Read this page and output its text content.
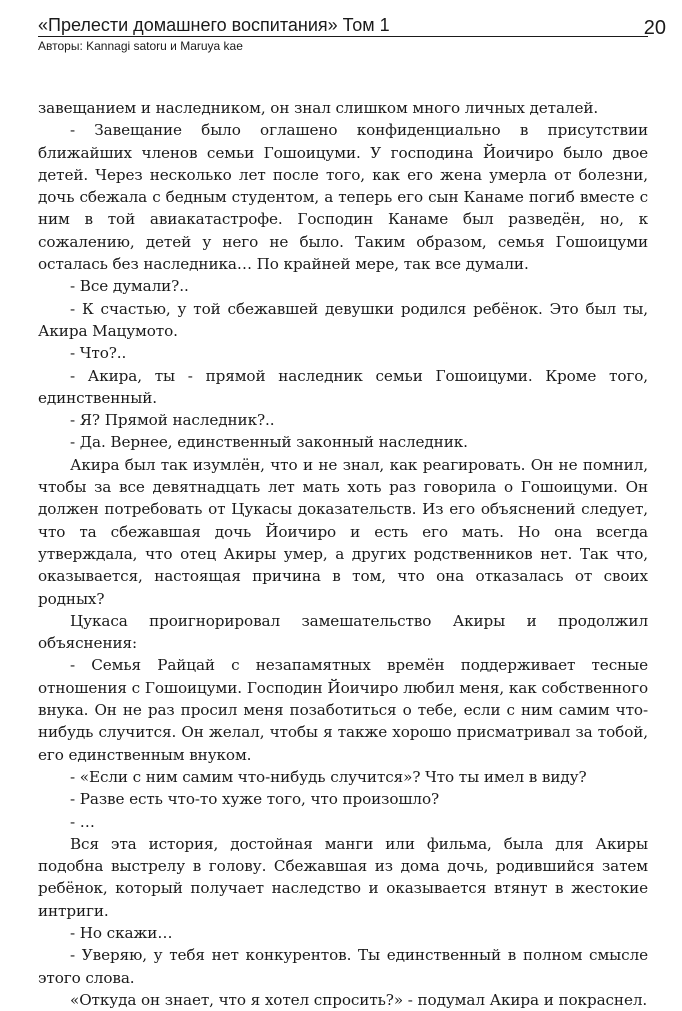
«Прелести домашнего воспитания» Том 1
Авторы: Kannagi satoru и Maruya kae
20

завещанием и наследником, он знал слишком много личных деталей.

- Завещание было оглашено конфиденциально в присутствии ближайших членов семьи Гошоицуми. У господина Йоичиро было двое детей. Через несколько лет после того, как его жена умерла от болезни, дочь сбежала с бедным студентом, а теперь его сын Канаме погиб вместе с ним в той авиакатастрофе. Господин Канаме был разведён, но, к сожалению, детей у него не было. Таким образом, семья Гошоицуми осталась без наследника… По крайней мере, так все думали.

- Все думали?..

- К счастью, у той сбежавшей девушки родился ребёнок. Это был ты, Акира Мацумото.

- Что?..

- Акира, ты - прямой наследник семьи Гошоицуми. Кроме того, единственный.

- Я? Прямой наследник?..

- Да. Вернее, единственный законный наследник.

Акира был так изумлён, что и не знал, как реагировать. Он не помнил, чтобы за все девятнадцать лет мать хоть раз говорила о Гошоицуми. Он должен потребовать от Цукасы доказательств. Из его объяснений следует, что та сбежавшая дочь Йоичиро и есть его мать. Но она всегда утверждала, что отец Акиры умер, а других родственников нет. Так что, оказывается, настоящая причина в том, что она отказалась от своих родных?

Цукаса проигнорировал замешательство Акиры и продолжил объяснения:

- Семья Райцай с незапамятных времён поддерживает тесные отношения с Гошоицуми. Господин Йоичиро любил меня, как собственного внука. Он не раз просил меня позаботиться о тебе, если с ним самим что-нибудь случится. Он желал, чтобы я также хорошо присматривал за тобой, его единственным внуком.

- «Если с ним самим что-нибудь случится»? Что ты имел в виду?

- Разве есть что-то хуже того, что произошло?

- …

Вся эта история, достойная манги или фильма, была для Акиры подобна выстрелу в голову. Сбежавшая из дома дочь, родившийся затем ребёнок, который получает наследство и оказывается втянут в жестокие интриги.

- Но скажи…

- Уверяю, у тебя нет конкурентов. Ты единственный в полном смысле этого слова.

«Откуда он знает, что я хотел спросить?» - подумал Акира и покраснел.
